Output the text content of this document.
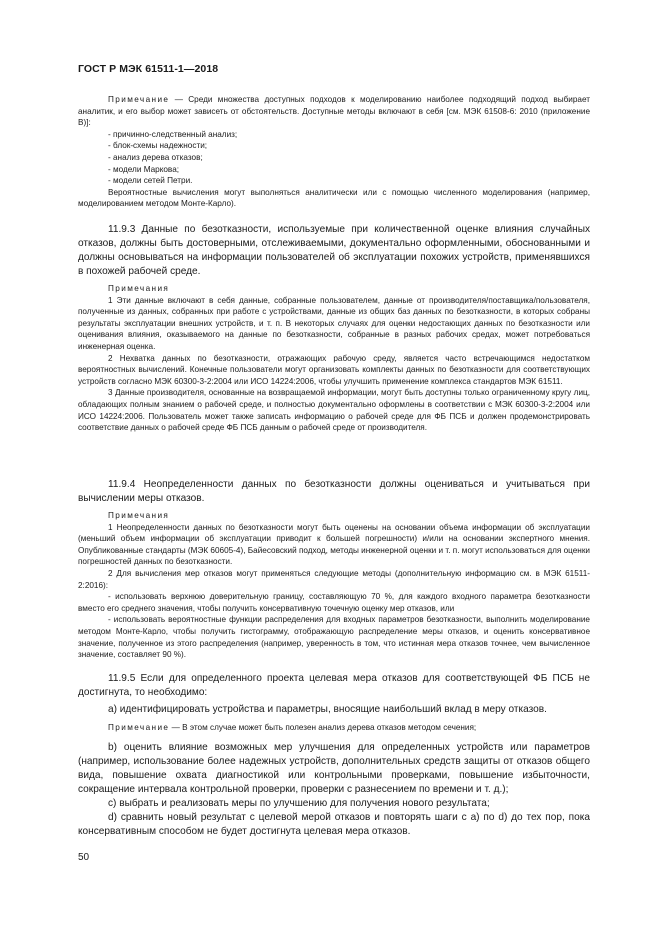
ГОСТ Р МЭК 61511-1—2018

Примечание — Среди множества доступных подходов к моделированию наиболее подходящий подход выбирает аналитик, и его выбор может зависеть от обстоятельств. Доступные методы включают в себя [см. МЭК 61508-6: 2010 (приложение В)]:

- причинно-следственный анализ;
- блок-схемы надежности;
- анализ дерева отказов;
- модели Маркова;
- модели сетей Петри.

Вероятностные вычисления могут выполняться аналитически или с помощью численного моделирования (например, моделированием методом Монте-Карло).

11.9.3 Данные по безотказности, используемые при количественной оценке влияния случайных отказов, должны быть достоверными, отслеживаемыми, документально оформленными, обоснованными и должны основываться на информации пользователей об эксплуатации похожих устройств, применявшихся в похожей рабочей среде.

Примечания

1 Эти данные включают в себя данные, собранные пользователем, данные от производителя/поставщика/пользователя, полученные из данных, собранных при работе с устройствами, данные из общих баз данных по безотказности, в которых собраны результаты эксплуатации внешних устройств, и т. п. В некоторых случаях для оценки недостающих данных по безотказности или оценивания влияния, оказываемого на данные по безотказности, собранные в разных рабочих средах, может потребоваться инженерная оценка.

2 Нехватка данных по безотказности, отражающих рабочую среду, является часто встречающимся недостатком вероятностных вычислений. Конечные пользователи могут организовать комплекты данных по безотказности для соответствующих устройств согласно МЭК 60300-3-2:2004 или ИСО 14224:2006, чтобы улучшить применение комплекса стандартов МЭК 61511.

3 Данные производителя, основанные на возвращаемой информации, могут быть доступны только ограниченному кругу лиц, обладающих полным знанием о рабочей среде, и полностью документально оформлены в соответствии с МЭК 60300-3-2:2004 или ИСО 14224:2006. Пользователь может также записать информацию о рабочей среде для ФБ ПСБ и должен продемонстрировать соответствие данных о рабочей среде ФБ ПСБ данным о рабочей среде от производителя.

11.9.4 Неопределенности данных по безотказности должны оцениваться и учитываться при вычислении меры отказов.

Примечания

1 Неопределенности данных по безотказности могут быть оценены на основании объема информации об эксплуатации (меньший объем информации об эксплуатации приводит к большей погрешности) и/или на основании экспертного мнения. Опубликованные стандарты (МЭК 60605-4), Байесовский подход, методы инженерной оценки и т. п. могут использоваться для оценки погрешностей данных по безотказности.

2 Для вычисления мер отказов могут применяться следующие методы (дополнительную информацию см. в МЭК 61511-2:2016):

- использовать верхнюю доверительную границу, составляющую 70 %, для каждого входного параметра безотказности вместо его среднего значения, чтобы получить консервативную точечную оценку мер отказов, или

- использовать вероятностные функции распределения для входных параметров безотказности, выполнить моделирование методом Монте-Карло, чтобы получить гистограмму, отображающую распределение меры отказов, и оценить консервативное значение, полученное из этого распределения (например, уверенность в том, что истинная мера отказов точнее, чем вычисленное значение, составляет 90 %).

11.9.5 Если для определенного проекта целевая мера отказов для соответствующей ФБ ПСБ не достигнута, то необходимо:

a) идентифицировать устройства и параметры, вносящие наибольший вклад в меру отказов.

Примечание — В этом случае может быть полезен анализ дерева отказов методом сечения;

b) оценить влияние возможных мер улучшения для определенных устройств или параметров (например, использование более надежных устройств, дополнительных средств защиты от отказов общего вида, повышение охвата диагностикой или контрольными проверками, повышение избыточности, сокращение интервала контрольной проверки, проверки с разнесением по времени и т. д.);

c) выбрать и реализовать меры по улучшению для получения нового результата;

d) сравнить новый результат с целевой мерой отказов и повторять шаги с a) по d) до тех пор, пока консервативным способом не будет достигнута целевая мера отказов.

50
